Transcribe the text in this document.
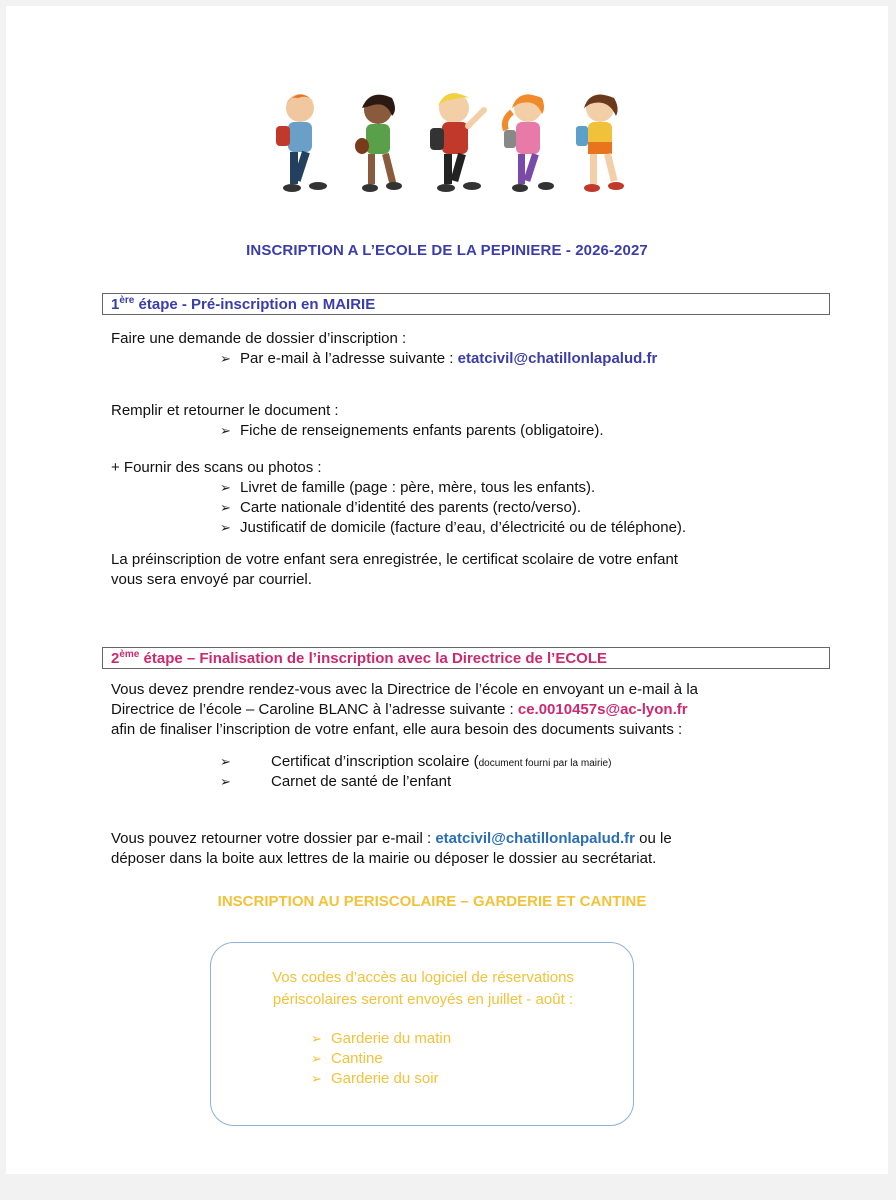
INSCRIPTION A L’ECOLE DE LA PEPINIERE - 2026-2027
1ère étape - Pré-inscription en MAIRIE
Faire une demande de dossier d’inscription :
➢ Par e-mail à l’adresse suivante : etatcivil@chatillonlapalud.fr
Remplir et retourner le document :
➢ Fiche de renseignements enfants parents (obligatoire).
+ Fournir des scans ou photos :
➢ Livret de famille (page : père, mère, tous les enfants).
➢ Carte nationale d’identité des parents (recto/verso).
➢ Justificatif de domicile (facture d’eau, d’électricité ou de téléphone).
La préinscription de votre enfant sera enregistrée, le certificat scolaire de votre enfant
vous sera envoyé par courriel.
2ème étape – Finalisation de l’inscription avec la Directrice de l’ECOLE
Vous devez prendre rendez-vous avec la Directrice de l’école en envoyant un e-mail à la
Directrice de l’école – Caroline BLANC à l’adresse suivante : ce.0010457s@ac-lyon.fr
afin de finaliser l’inscription de votre enfant, elle aura besoin des documents suivants :
➢	Certificat d’inscription scolaire (document fourni par la mairie)
➢	Carnet de santé de l’enfant
Vous pouvez retourner votre dossier par e-mail : etatcivil@chatillonlapalud.fr ou le
déposer dans la boite aux lettres de la mairie ou déposer le dossier au secrétariat.
INSCRIPTION AU PERISCOLAIRE – GARDERIE ET CANTINE
Vos codes d’accès au logiciel de réservations
périscolaires seront envoyés en juillet - août :
➢ Garderie du matin
➢ Cantine
➢ Garderie du soir
